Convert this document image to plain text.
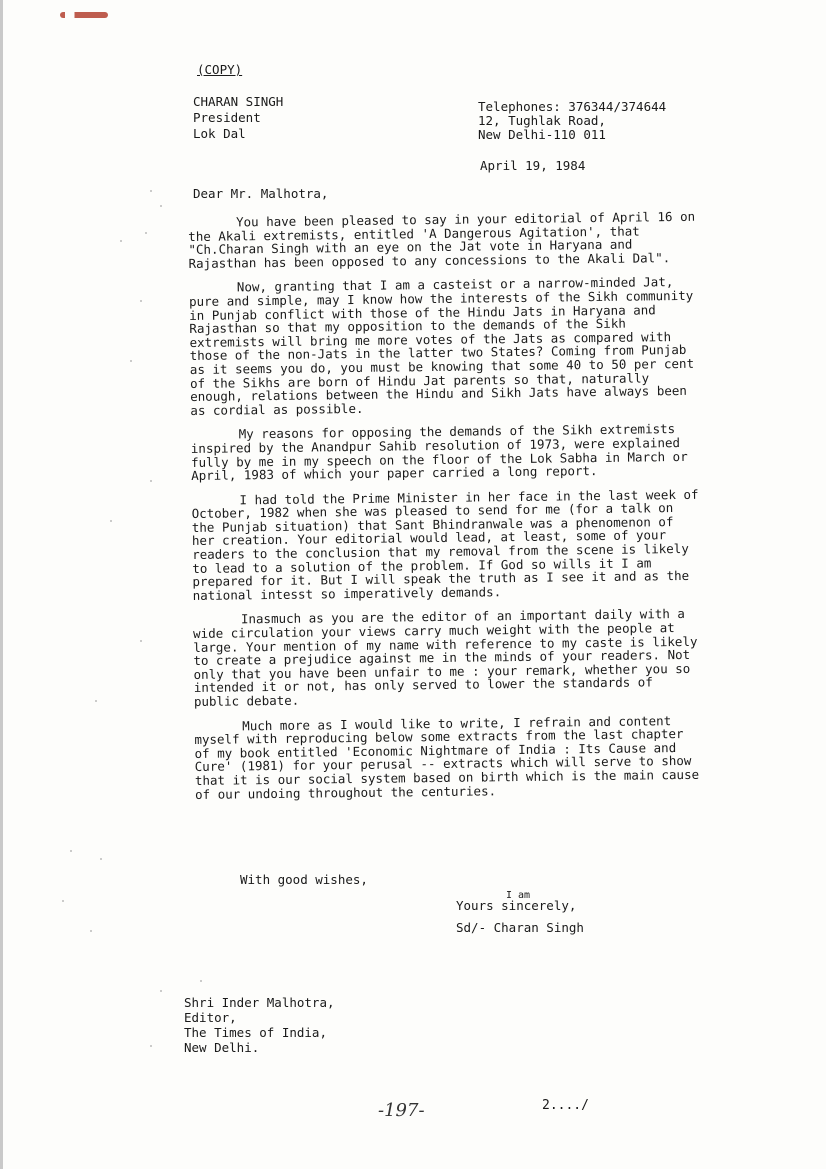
(COPY)
CHARAN SINGH
President
Lok Dal
Telephones: 376344/374644
12, Tughlak Road,
New Delhi-110 011
April 19, 1984
Dear Mr. Malhotra,

You have been pleased to say in your editorial of April 16 on the Akali extremists, entitled 'A Dangerous Agitation', that "Ch.Charan Singh with an eye on the Jat vote in Haryana and Rajasthan has been opposed to any concessions to the Akali Dal".

Now, granting that I am a casteist or a narrow-minded Jat, pure and simple, may I know how the interests of the Sikh community in Punjab conflict with those of the Hindu Jats in Haryana and Rajasthan so that my opposition to the demands of the Sikh extremists will bring me more votes of the Jats as compared with those of the non-Jats in the latter two States? Coming from Punjab as it seems you do, you must be knowing that some 40 to 50 per cent of the Sikhs are born of Hindu Jat parents so that, naturally enough, relations between the Hindu and Sikh Jats have always been as cordial as possible.

My reasons for opposing the demands of the Sikh extremists inspired by the Anandpur Sahib resolution of 1973, were explained fully by me in my speech on the floor of the Lok Sabha in March or April, 1983 of which your paper carried a long report.

I had told the Prime Minister in her face in the last week of October, 1982 when she was pleased to send for me (for a talk on the Punjab situation) that Sant Bhindranwale was a phenomenon of her creation. Your editorial would lead, at least, some of your readers to the conclusion that my removal from the scene is likely to lead to a solution of the problem. If God so wills it I am prepared for it. But I will speak the truth as I see it and as the national intesst so imperatively demands.

Inasmuch as you are the editor of an important daily with a wide circulation your views carry much weight with the people at large. Your mention of my name with reference to my caste is likely to create a prejudice against me in the minds of your readers. Not only that you have been unfair to me : your remark, whether you so intended it or not, has only served to lower the standards of public debate.

Much more as I would like to write, I refrain and content myself with reproducing below some extracts from the last chapter of my book entitled 'Economic Nightmare of India : Its Cause and Cure' (1981) for your perusal -- extracts which will serve to show that it is our social system based on birth which is the main cause of our undoing throughout the centuries.

With good wishes,
I am
Yours sincerely,
Sd/- Charan Singh
Shri Inder Malhotra,
Editor,
The Times of India,
New Delhi.
-197-	2..../
